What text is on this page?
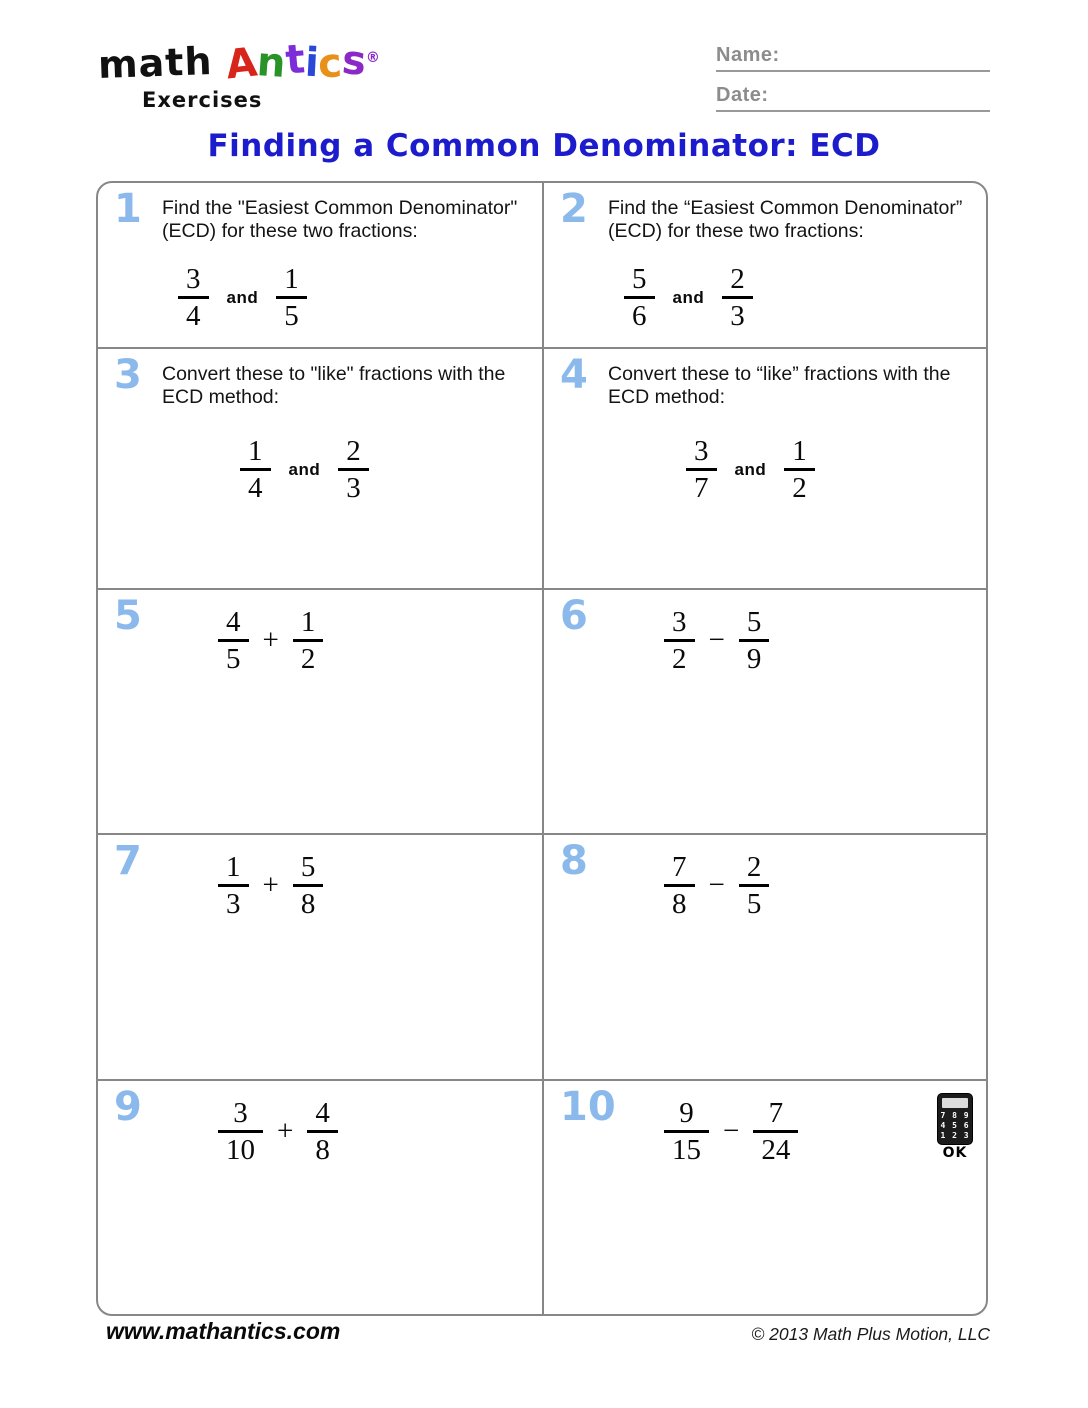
math Antics®
Exercises
Name:
Date:
Finding a Common Denominator: ECD
1 Find the "Easiest Common Denominator"
(ECD) for these two fractions:
$\frac{3}{4}$ and $\frac{1}{5}$
2 Find the “Easiest Common Denominator”
(ECD) for these two fractions:
$\frac{5}{6}$ and $\frac{2}{3}$
3 Convert these to "like" fractions with the
ECD method:
$\frac{1}{4}$ and $\frac{2}{3}$
4 Convert these to “like” fractions with the
ECD method:
$\frac{3}{7}$ and $\frac{1}{2}$
5	$\frac{4}{5} + \frac{1}{2}$	6	$\frac{3}{2} - \frac{5}{9}$
7	$\frac{1}{3} + \frac{5}{8}$	8	$\frac{7}{8} - \frac{2}{5}$
9	$\frac{3}{10} + \frac{4}{8}$	$10 \frac{9}{15} - \frac{7}{24}$	7 8 9
4 5 6
1 2 3
OK
www.mathantics.com	© 2013 Math Plus Motion, LLC
